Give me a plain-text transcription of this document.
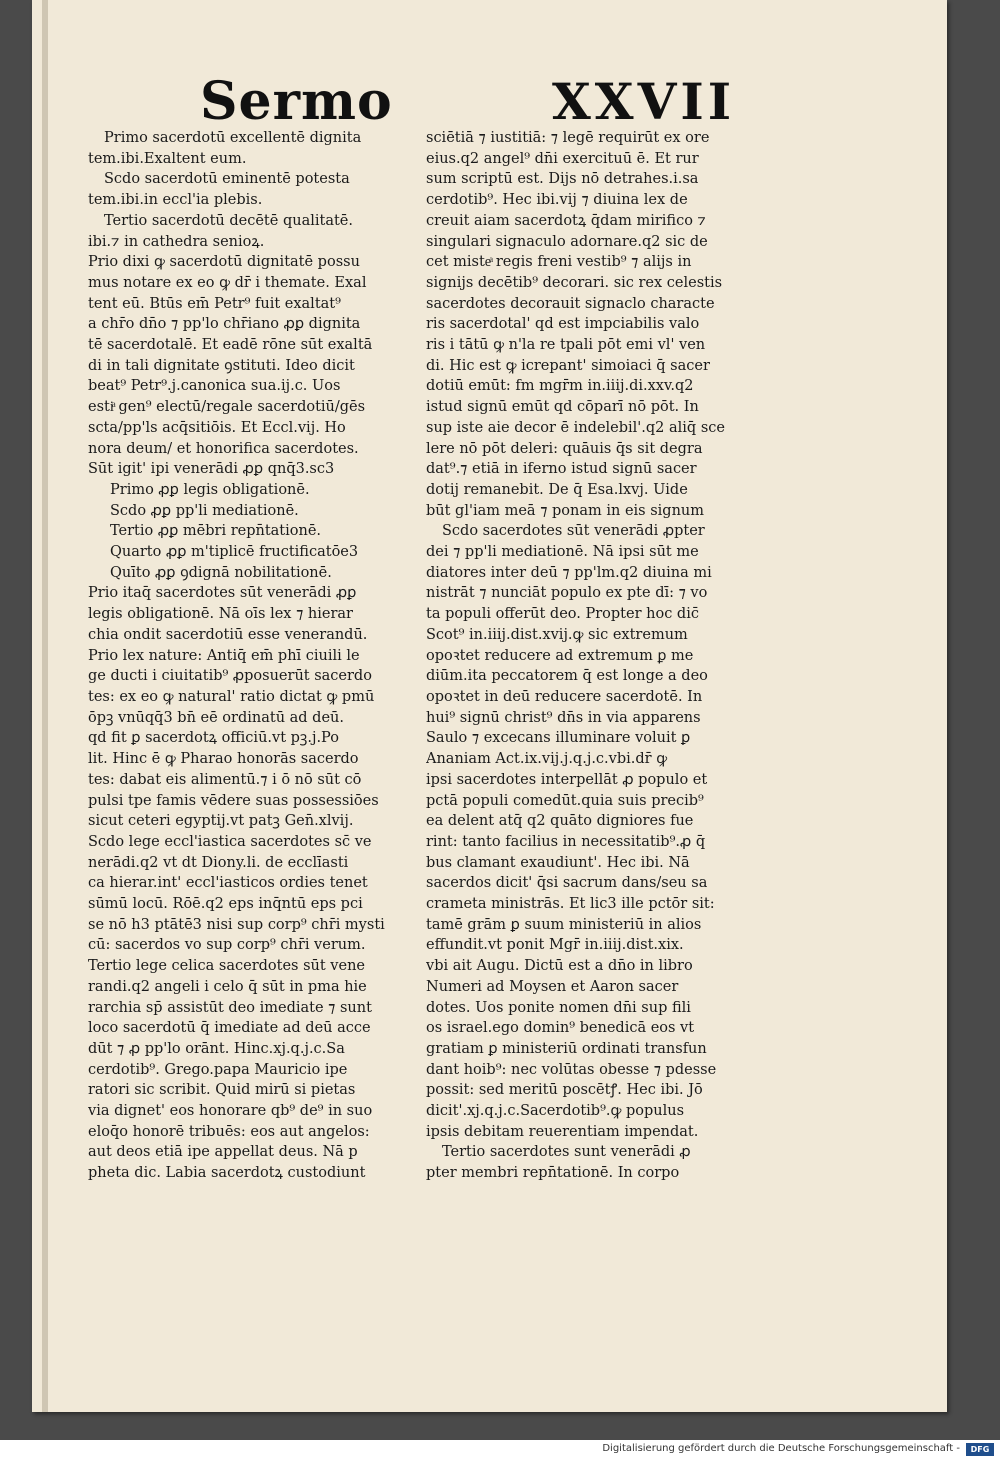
Sermo	XXVII
Primo sacerdotū excellentē dignita
tem.ibi.Exaltent eum.
Scdo sacerdotū eminentē potesta
tem.ibi.in eccl'ia plebis.
Tertio sacerdotū decētē qualitatē.
ibi.⁊ in cathedra senioꝝ.
Prio dixi ꝙ sacerdotū dignitatē possu
mus notare ex eo ꝙ dr̄ i themate. Exal
tent eū. Btūs em̄ Petr⁹ fuit exaltat⁹
a chr̄o dn̄o ⁊ pp'lo chr̄iano ꝓꝑ dignita
tē sacerdotalē. Et eadē rōne sūt exaltā
di in tali dignitate ꝯstituti. Ideo dicit
beat⁹ Petr⁹.j.canonica sua.ij.c. Uos
estiͣ gen⁹ electū/regale sacerdotiū/gēs
scta/pp'ls acq̄sitiōis. Et Eccl.vij. Ho
nora deum/ et honorifica sacerdotes.
Sūt igit' ipi venerādi ꝓꝑ qnq̄3.sc3
Primo ꝓꝑ legis obligationē.
Scdo ꝓꝑ pp'li mediationē.
Tertio ꝓꝑ mēbri repn̄tationē.
Quarto ꝓꝑ m'tiplicē fructificatōe3
Quīto ꝓꝑ ꝯdignā nobilitationē.
Prio itaq̄ sacerdotes sūt venerādi ꝓꝑ
legis obligationē. Nā oīs lex ⁊ hierar
chia ondit sacerdotiū esse venerandū.
Prio lex nature: Antiq̄ em̄ phī ciuili le
ge ducti i ciuitatib⁹ ꝓposuerūt sacerdo
tes: ex eo ꝙ natural' ratio dictat ꝙ pmū
ōpꝫ vnūqq̄3 bn̄ eē ordinatū ad deū.
qd fit ꝑ sacerdotꝝ officiū.vt pꝫ.j.Po
lit. Hinc ē ꝙ Pharao honorās sacerdo
tes: dabat eis alimentū.⁊ i ō nō sūt cō
pulsi tpe famis vēdere suas possessiōes
sicut ceteri egyptij.vt patꝫ Gen̄.xlvij.
Scdo lege eccl'iastica sacerdotes sc̄ ve
nerādi.q2 vt dt Diony.li. de ecclīasti
ca hierar.int' eccl'iasticos ordies tenet
sūmū locū. Rōē.q2 eps inq̄ntū eps pci
se nō h3 ptātē3 nisi sup corp⁹ chr̄i mysti
cū: sacerdos vo sup corp⁹ chr̄i verum.
Tertio lege celica sacerdotes sūt vene
randi.q2 angeli i celo q̄ sūt in pma hie
rarchia sp̄ assistūt deo imediate ⁊ sunt
loco sacerdotū q̄ imediate ad deū acce
dūt ⁊ ꝓ pp'lo orānt. Hinc.xj.q.j.c.Sa
cerdotib⁹. Grego.papa Mauricio ipe
ratori sic scribit. Quid mirū si pietas
via dignet' eos honorare qb⁹ de⁹ in suo
eloq̄o honorē tribuēs: eos aut angelos:
aut deos etiā ipe appellat deus. Nā p
pheta dic. Labia sacerdotꝝ custodiunt
sciētiā ⁊ iustitiā: ⁊ legē requirūt ex ore
eius.q2 angel⁹ dn̄i exercituū ē. Et rur
sum scriptū est. Dijs nō detrahes.i.sa
cerdotib⁹. Hec ibi.vij ⁊ diuina lex de
creuit aiam sacerdotꝝ q̄dam mirifico ⁊
singulari signaculo adornare.q2 sic de
cet misteͣ regis freni vestib⁹ ⁊ alijs in
signijs decētib⁹ decorari. sic rex celestis
sacerdotes decorauit signaclo characte
ris sacerdotal' qd est impciabilis valo
ris i tātū ꝙ n'la re tpali pōt emi vl' ven
di. Hic est ꝙ icrepant' simoiaci q̄ sacer
dotiū emūt: fm mgr̄m in.iiij.di.xxv.q2
istud signū emūt qd cōparī nō pōt. In
sup iste aie decor ē indelebil'.q2 aliq̄ sce
lere nō pōt deleri: quāuis q̄s sit degra
dat⁹.⁊ etiā in iferno istud signū sacer
dotij remanebit. De q̄ Esa.lxvj. Uide
būt gl'iam meā ⁊ ponam in eis signum
Scdo sacerdotes sūt venerādi ꝓpter
dei ⁊ pp'li mediationē. Nā ipsi sūt me
diatores inter deū ⁊ pp'lm.q2 diuina mi
nistrāt ⁊ nunciāt populo ex pte dī: ⁊ vo
ta populi offerūt deo. Propter hoc dic̄
Scot⁹ in.iiij.dist.xvij.ꝙ sic extremum
opoꝛtet reducere ad extremum ꝑ me
diūm.ita peccatorem q̄ est longe a deo
opoꝛtet in deū reducere sacerdotē. In
hui⁹ signū christ⁹ dn̄s in via apparens
Saulo ⁊ excecans illuminare voluit ꝑ
Ananiam Act.ix.vij.j.q.j.c.vbi.dr̄ ꝙ
ipsi sacerdotes interpellāt ꝓ populo et
pctā populi comedūt.quia suis precib⁹
ea delent atq̄ q2 quāto digniores fue
rint: tanto facilius in necessitatib⁹.ꝓ q̄
bus clamant exaudiunt'. Hec ibi. Nā
sacerdos dicit' q̄si sacrum dans/seu sa
crameta ministrās. Et lic3 ille pctōr sit:
tamē grām ꝑ suum ministeriū in alios
effundit.vt ponit Mgr̄ in.iiij.dist.xix.
vbi ait Augu. Dictū est a dn̄o in libro
Numeri ad Moysen et Aaron sacer
dotes. Uos ponite nomen dn̄i sup fili
os israel.ego domin⁹ benedicā eos vt
gratiam ꝑ ministeriū ordinati transfun
dant hoib⁹: nec volūtas obesse ⁊ pdesse
possit: sed meritū poscētꝭ. Hec ibi. Jō
dicit'.xj.q.j.c.Sacerdotib⁹.ꝙ populus
ipsis debitam reuerentiam impendat.
Tertio sacerdotes sunt venerādi ꝓ
pter membri repn̄tationē. In corpo
Digitalisierung gefördert durch die Deutsche Forschungsgemeinschaft -	DFG
